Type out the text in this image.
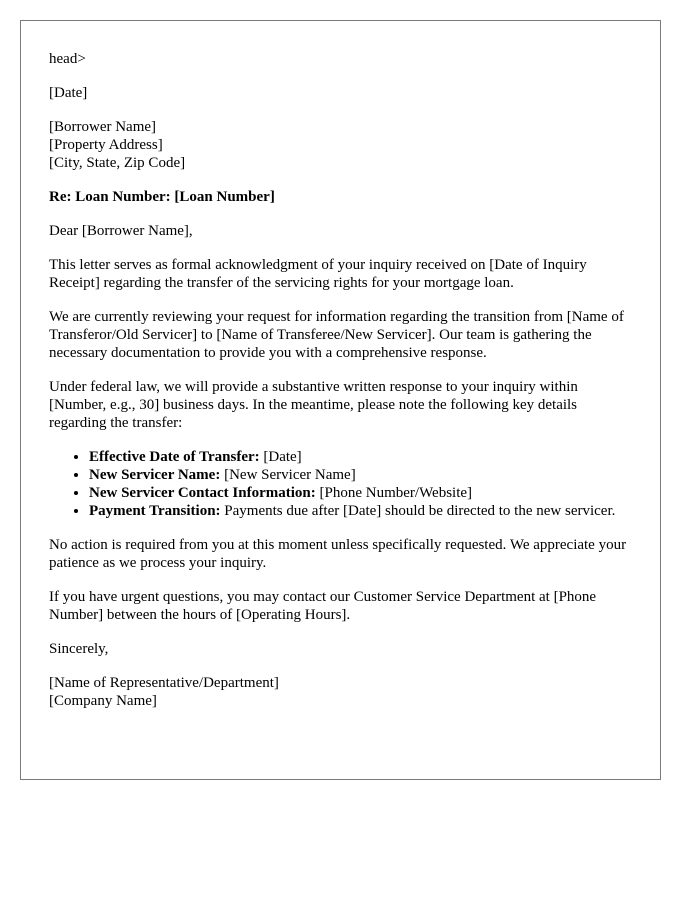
head>

[Date]

[Borrower Name]
[Property Address]
[City, State, Zip Code]

Re: Loan Number: [Loan Number]

Dear [Borrower Name],

This letter serves as formal acknowledgment of your inquiry received on [Date of Inquiry Receipt] regarding the transfer of the servicing rights for your mortgage loan.

We are currently reviewing your request for information regarding the transition from [Name of Transferor/Old Servicer] to [Name of Transferee/New Servicer]. Our team is gathering the necessary documentation to provide you with a comprehensive response.

Under federal law, we will provide a substantive written response to your inquiry within [Number, e.g., 30] business days. In the meantime, please note the following key details regarding the transfer:

• Effective Date of Transfer: [Date]
• New Servicer Name: [New Servicer Name]
• New Servicer Contact Information: [Phone Number/Website]
• Payment Transition: Payments due after [Date] should be directed to the new servicer.

No action is required from you at this moment unless specifically requested. We appreciate your patience as we process your inquiry.

If you have urgent questions, you may contact our Customer Service Department at [Phone Number] between the hours of [Operating Hours].

Sincerely,

[Name of Representative/Department]
[Company Name]
